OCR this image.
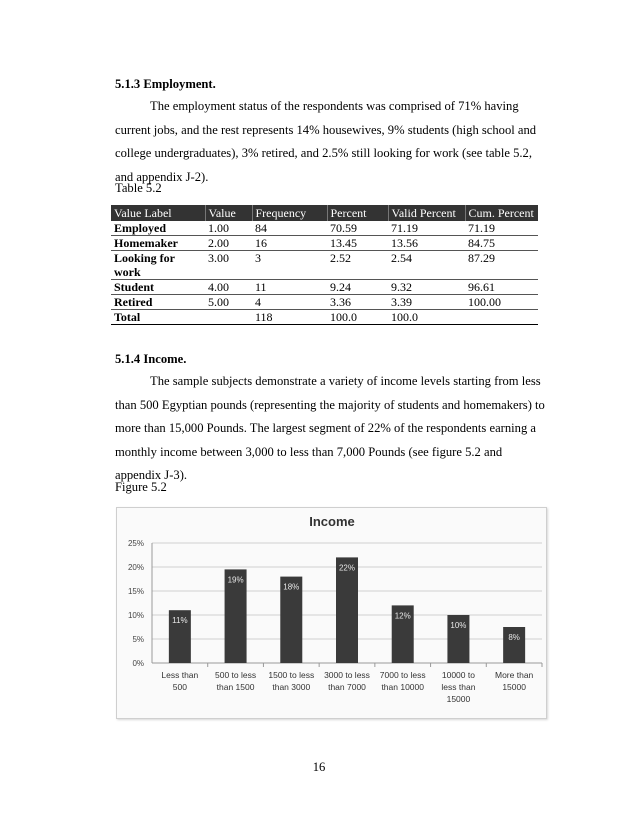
5.1.3 Employment.

The employment status of the respondents was comprised of 71% having
current jobs, and the rest represents 14% housewives, 9% students (high school and
college undergraduates), 3% retired, and 2.5% still looking for work (see table 5.2,
and appendix J-2).

Table 5.2

Value Label	Value	Frequency	Percent	Valid Percent	Cum. Percent
Employed	1.00	84	70.59	71.19	71.19
Homemaker	2.00	16	13.45	13.56	84.75
Looking for work	3.00	3	2.52	2.54	87.29
Student	4.00	11	9.24	9.32	96.61
Retired	5.00	4	3.36	3.39	100.00
Total		118	100.0	100.0	
5.1.4 Income.

The sample subjects demonstrate a variety of income levels starting from less
than 500 Egyptian pounds (representing the majority of students and homemakers) to
more than 15,000 Pounds. The largest segment of 22% of the respondents earning a
monthly income between 3,000 to less than 7,000 Pounds (see figure 5.2 and
appendix J-3).

Figure 5.2

Income
0%
5%
10%
15%
20%
25%
11%
Less than
500
19%
500 to less
than 1500
18%
1500 to less
than 3000
22%
3000 to less
than 7000
12%
7000 to less
than 10000
10%
10000 to
less than
15000
8%
More than
15000

16
